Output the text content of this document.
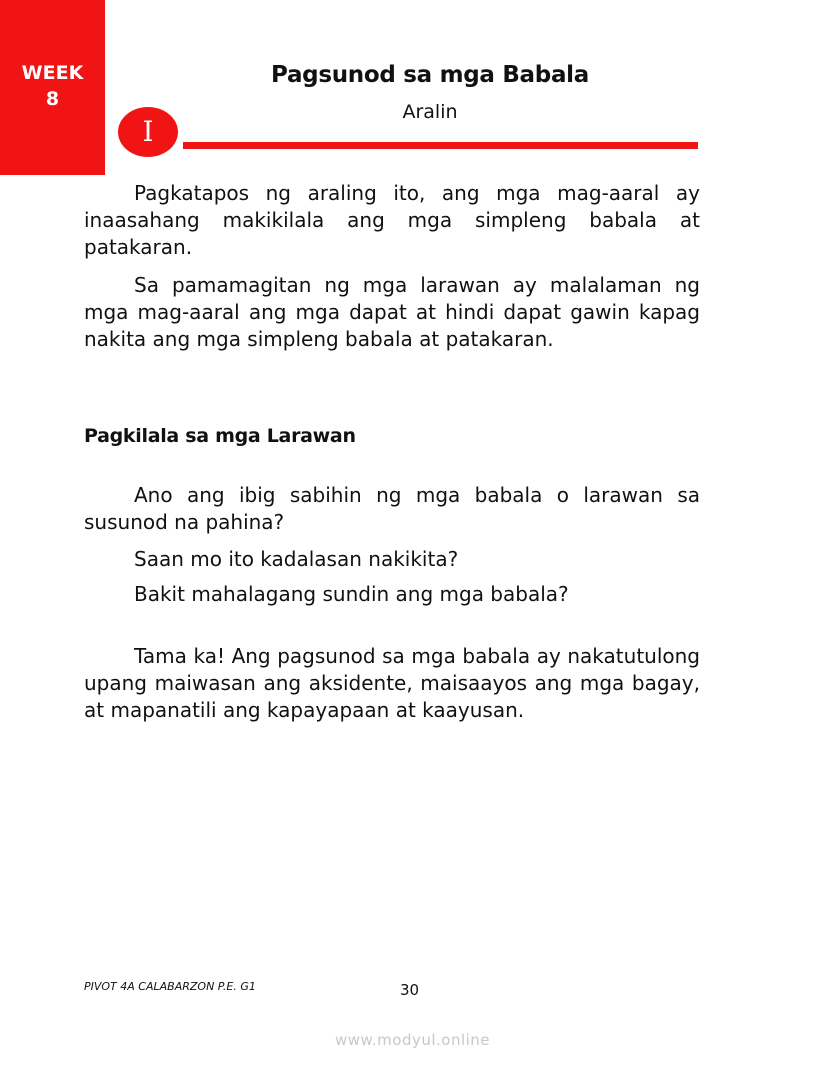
WEEK
8
Pagsunod sa mga Babala
Aralin
I

Pagkatapos ng araling ito, ang mga mag-aaral ay inaasahang makikilala ang mga simpleng babala at patakaran.

Sa pamamagitan ng mga larawan ay malalaman ng mga mag-aaral ang mga dapat at hindi dapat gawin kapag nakita ang mga simpleng babala at patakaran.

Pagkilala sa mga Larawan

Ano ang ibig sabihin ng mga babala o larawan sa susunod na pahina?

Saan mo ito kadalasan nakikita?

Bakit mahalagang sundin ang mga babala?

Tama ka! Ang pagsunod sa mga babala ay nakatutulong upang maiwasan ang aksidente, maisaayos ang mga bagay, at mapanatili ang kapayapaan at kaayusan.

PIVOT 4A CALABARZON P.E. G1	30
www.modyul.online
